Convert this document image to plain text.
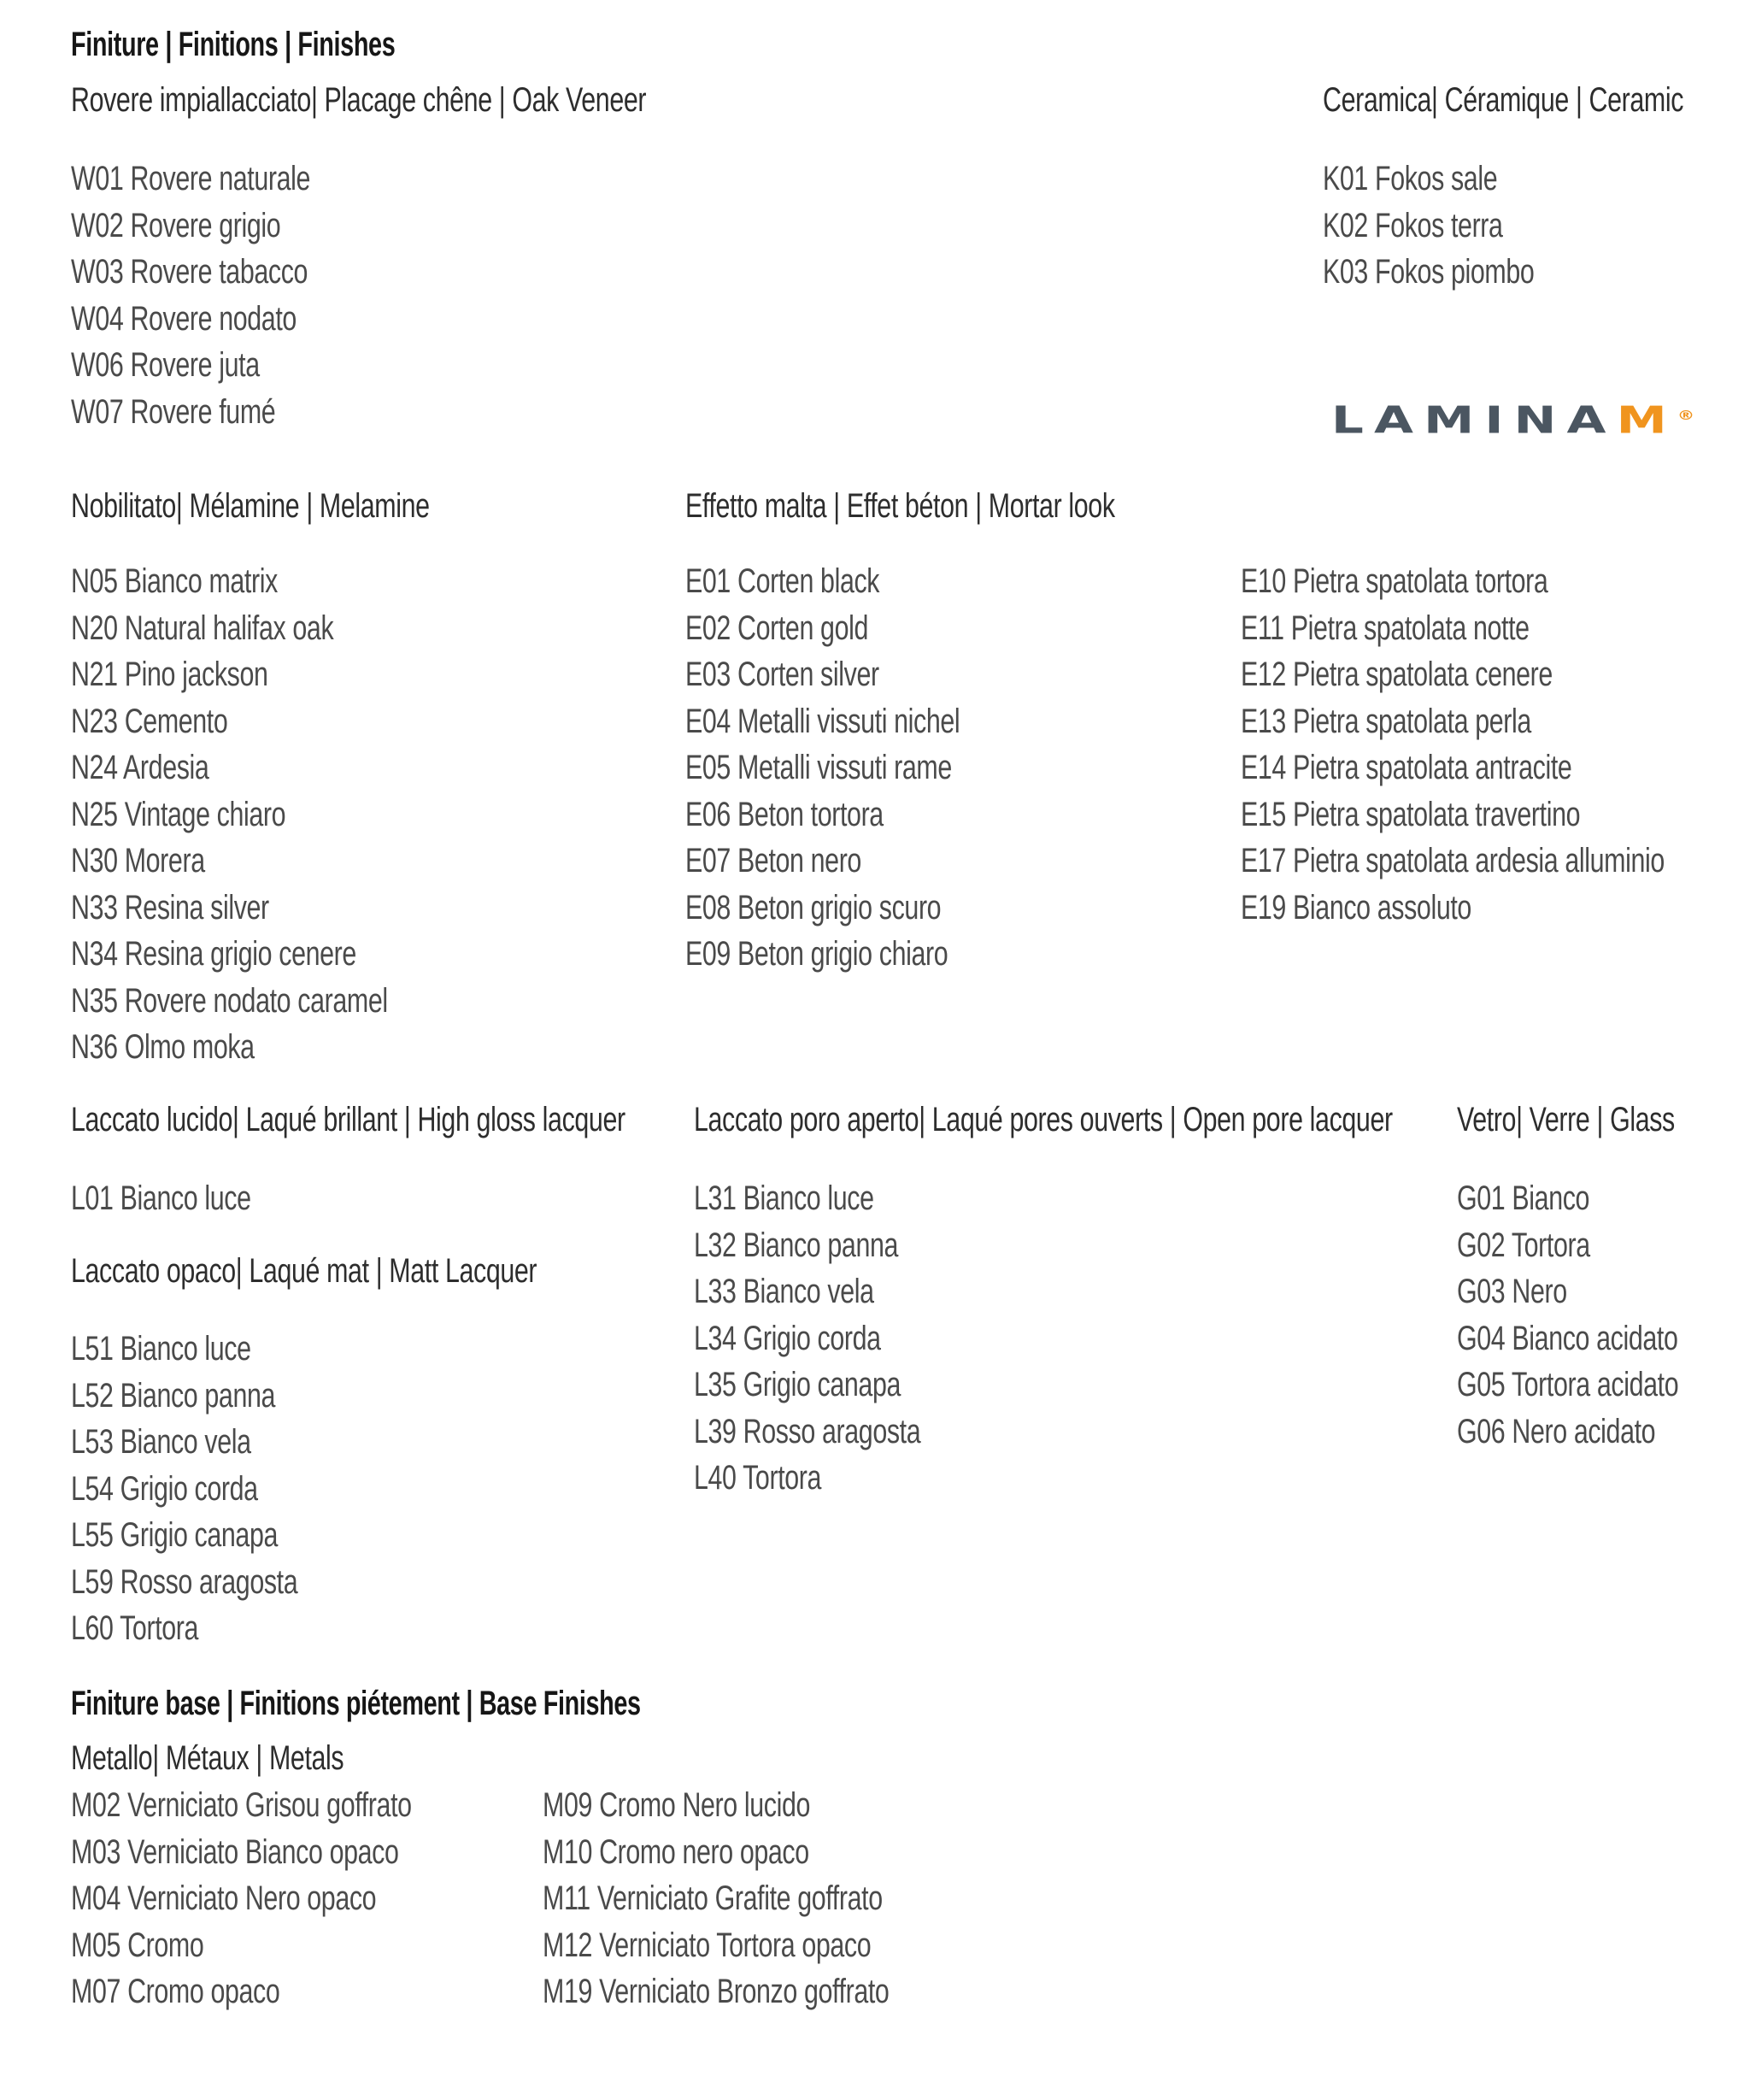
Finiture | Finitions | Finishes
Rovere impiallacciato| Placage chêne | Oak Veneer
W01 Rovere naturale
W02 Rovere grigio
W03 Rovere tabacco
W04 Rovere nodato
W06 Rovere juta
W07 Rovere fumé
Ceramica| Céramique | Ceramic
K01 Fokos sale
K02 Fokos terra
K03 Fokos piombo
LAMINAM®
Nobilitato| Mélamine | Melamine
N05 Bianco matrix
N20 Natural halifax oak
N21 Pino jackson
N23 Cemento
N24 Ardesia
N25 Vintage chiaro
N30 Morera
N33 Resina silver
N34 Resina grigio cenere
N35 Rovere nodato caramel
N36 Olmo moka
Effetto malta | Effet béton | Mortar look
E01 Corten black
E02 Corten gold
E03 Corten silver
E04 Metalli vissuti nichel
E05 Metalli vissuti rame
E06 Beton tortora
E07 Beton nero
E08 Beton grigio scuro
E09 Beton grigio chiaro
E10 Pietra spatolata tortora
E11 Pietra spatolata notte
E12 Pietra spatolata cenere
E13 Pietra spatolata perla
E14 Pietra spatolata antracite
E15 Pietra spatolata travertino
E17 Pietra spatolata ardesia alluminio
E19 Bianco assoluto
Laccato lucido| Laqué brillant | High gloss lacquer
L01 Bianco luce
Laccato opaco| Laqué mat | Matt Lacquer
L51 Bianco luce
L52 Bianco panna
L53 Bianco vela
L54 Grigio corda
L55 Grigio canapa
L59 Rosso aragosta
L60 Tortora
Laccato poro aperto| Laqué pores ouverts | Open pore lacquer
L31 Bianco luce
L32 Bianco panna
L33 Bianco vela
L34 Grigio corda
L35 Grigio canapa
L39 Rosso aragosta
L40 Tortora
Vetro| Verre | Glass
G01 Bianco
G02 Tortora
G03 Nero
G04 Bianco acidato
G05 Tortora acidato
G06 Nero acidato
Finiture base | Finitions piétement | Base Finishes
Metallo| Métaux | Metals
M02 Verniciato Grisou goffrato
M03 Verniciato Bianco opaco
M04 Verniciato Nero opaco
M05 Cromo
M07 Cromo opaco
M09 Cromo Nero lucido
M10 Cromo nero opaco
M11 Verniciato Grafite goffrato
M12 Verniciato Tortora opaco
M19 Verniciato Bronzo goffrato
